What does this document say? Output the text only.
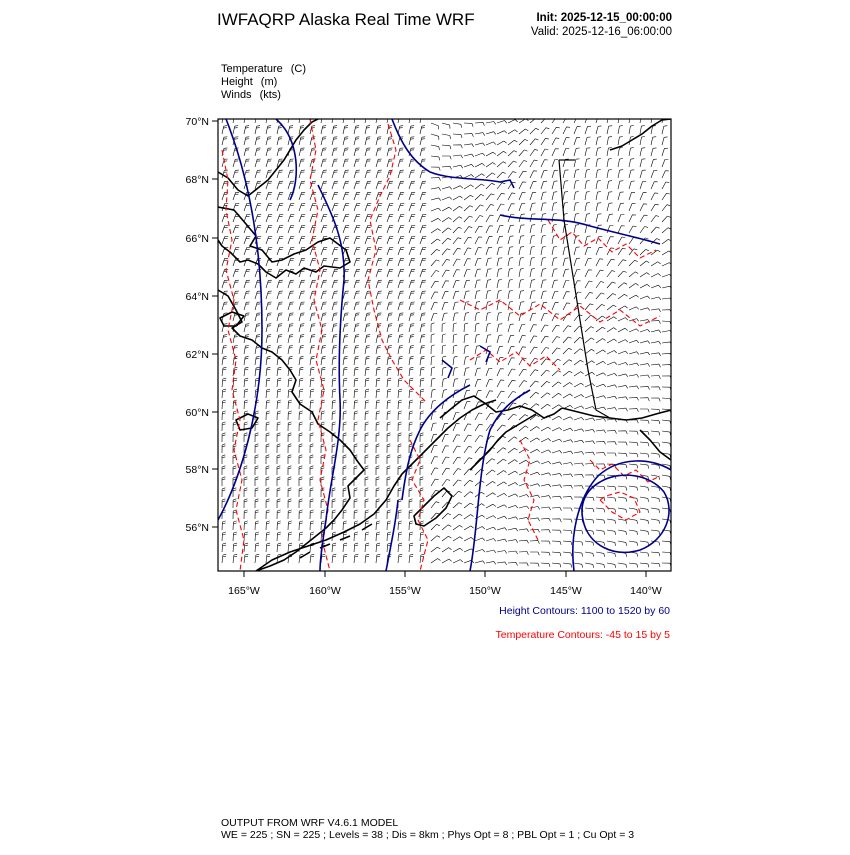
IWFAQRP Alaska Real Time WRF	Init: 2025-12-15_00:00:00
Valid: 2025-12-16_06:00:00
Temperature (C)
Height (m)
Winds (kts)
70°N
68°N
66°N
64°N
62°N
60°N
58°N
56°N
165°W	160°W	155°W	150°W	145°W	140°W
Height Contours: 1100 to 1520 by 60
Temperature Contours: -45 to 15 by 5
OUTPUT FROM WRF V4.6.1 MODEL
WE = 225 ; SN = 225 ; Levels = 38 ; Dis = 8km ; Phys Opt = 8 ; PBL Opt = 1 ; Cu Opt = 3
